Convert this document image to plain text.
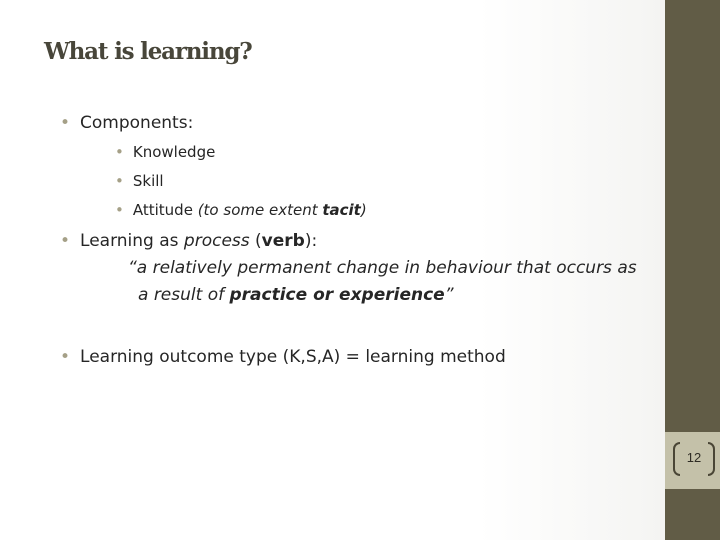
12
What is learning?
• Components:
• Knowledge
• Skill
• Attitude (to some extent tacit)
• Learning as process (verb):
“a relatively permanent change in behaviour that occurs as
a result of practice or experience”
• Learning outcome type (K,S,A) = learning method
